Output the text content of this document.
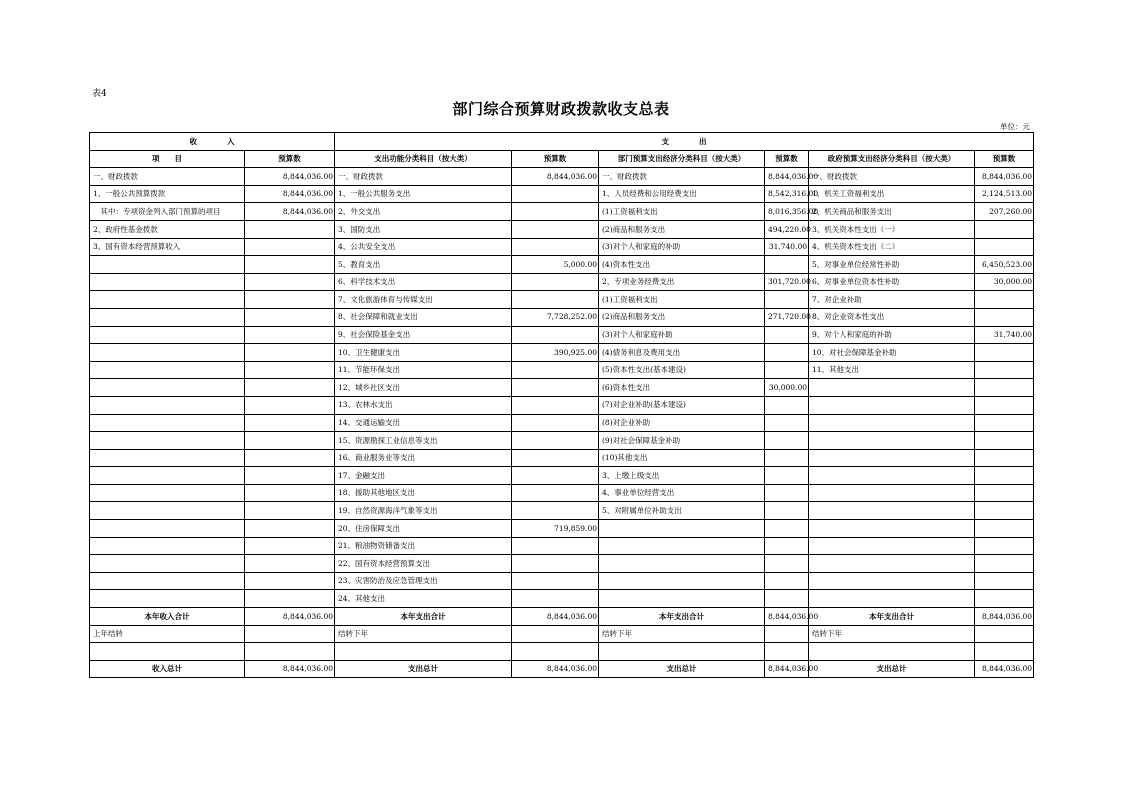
表4
部门综合预算财政拨款收支总表
单位：元
收　　　　入		支　　　　出					
项　　目	预算数	支出功能分类科目（按大类）	预算数	部门预算支出经济分类科目（按大类）	预算数	政府预算支出经济分类科目（按大类）	预算数
一、财政拨款	8,844,036.00	一、财政拨款	8,844,036.00	一、财政拨款	8,844,036.00	一、财政拨款	8,844,036.00
1、一般公共预算拨款	8,844,036.00	1、一般公共服务支出		1、人员经费和公用经费支出	8,542,316.00	1、机关工资福利支出	2,124,513.00
　其中：专项资金列入部门预算的项目	8,844,036.00	2、外交支出		(1)工资福利支出	8,016,356.00	2、机关商品和服务支出	207,260.00
2、政府性基金拨款		3、国防支出		(2)商品和服务支出	494,220.00	3、机关资本性支出（一）	
3、国有资本经营预算收入		4、公共安全支出		(3)对个人和家庭的补助	31,740.00	4、机关资本性支出（二）	
		5、教育支出	5,000.00	(4)资本性支出		5、对事业单位经常性补助	6,450,523.00
		6、科学技术支出		2、专项业务经费支出	301,720.00	6、对事业单位资本性补助	30,000.00
		7、文化旅游体育与传媒支出		(1)工资福利支出		7、对企业补助	
		8、社会保障和就业支出	7,728,252.00	(2)商品和服务支出	271,720.00	8、对企业资本性支出	
		9、社会保险基金支出		(3)对个人和家庭补助		9、对个人和家庭的补助	31,740.00
		10、卫生健康支出	390,925.00	(4)债务利息及费用支出		10、对社会保障基金补助	
		11、节能环保支出		(5)资本性支出(基本建设)		11、其他支出	
		12、城乡社区支出		(6)资本性支出	30,000.00		
		13、农林水支出		(7)对企业补助(基本建设)			
		14、交通运输支出		(8)对企业补助			
		15、资源勘探工业信息等支出		(9)对社会保障基金补助			
		16、商业服务业等支出		(10)其他支出			
		17、金融支出		3、上缴上级支出			
		18、援助其他地区支出		4、事业单位经营支出			
		19、自然资源海洋气象等支出		5、对附属单位补助支出			
		20、住房保障支出	719,859.00				
		21、粮油物资储备支出					
		22、国有资本经营预算支出					
		23、灾害防治及应急管理支出					
		24、其他支出					
本年收入合计	8,844,036.00	本年支出合计	8,844,036.00	本年支出合计	8,844,036.00	本年支出合计	8,844,036.00
上年结转		结转下年		结转下年		结转下年	

收入总计	8,844,036.00	支出总计	8,844,036.00	支出总计	8,844,036.00	支出总计	8,844,036.00
